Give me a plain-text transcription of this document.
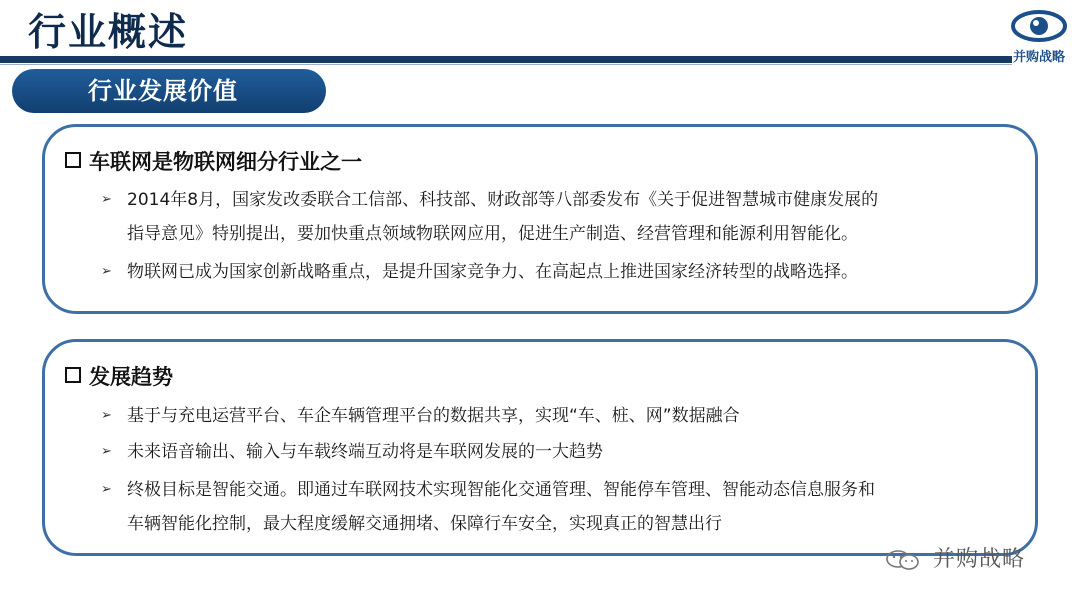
行业概述
并购战略
行业发展价值
车联网是物联网细分行业之一
➢ 2014年8月，国家发改委联合工信部、科技部、财政部等八部委发布《关于促进智慧城市健康发展的
指导意见》特别提出，要加快重点领域物联网应用，促进生产制造、经营管理和能源利用智能化。
➢ 物联网已成为国家创新战略重点，是提升国家竞争力、在高起点上推进国家经济转型的战略选择。
发展趋势
➢ 基于与充电运营平台、车企车辆管理平台的数据共享，实现“车、桩、网”数据融合
➢ 未来语音输出、输入与车载终端互动将是车联网发展的一大趋势
➢ 终极目标是智能交通。即通过车联网技术实现智能化交通管理、智能停车管理、智能动态信息服务和
车辆智能化控制，最大程度缓解交通拥堵、保障行车安全，实现真正的智慧出行
并购战略
